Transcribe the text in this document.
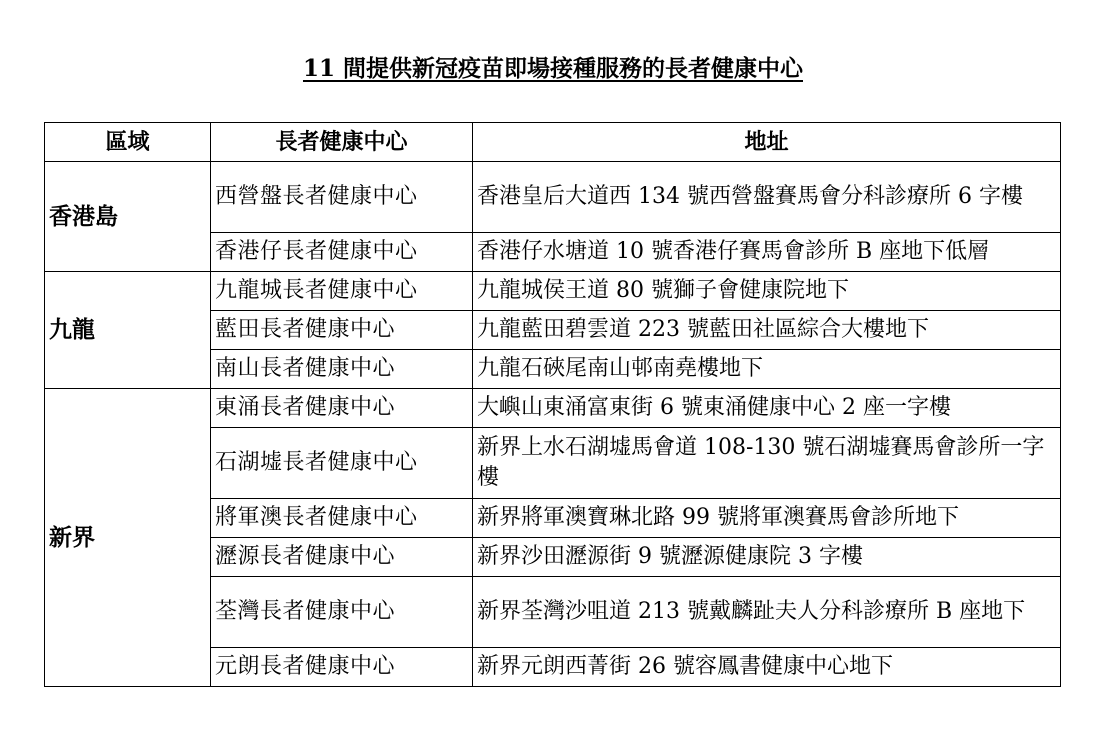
11 間提供新冠疫苗即場接種服務的長者健康中心
區域	長者健康中心	地址
香港島	西營盤長者健康中心	香港皇后大道西 134 號西營盤賽馬會分科診療所 6 字樓
	香港仔長者健康中心	香港仔水塘道 10 號香港仔賽馬會診所 B 座地下低層
九龍	九龍城長者健康中心	九龍城侯王道 80 號獅子會健康院地下
	藍田長者健康中心	九龍藍田碧雲道 223 號藍田社區綜合大樓地下
	南山長者健康中心	九龍石硤尾南山邨南堯樓地下
新界	東涌長者健康中心	大嶼山東涌富東街 6 號東涌健康中心 2 座一字樓
	石湖墟長者健康中心	新界上水石湖墟馬會道 108-130 號石湖墟賽馬會診所一字樓
	將軍澳長者健康中心	新界將軍澳寶琳北路 99 號將軍澳賽馬會診所地下
	瀝源長者健康中心	新界沙田瀝源街 9 號瀝源健康院 3 字樓
	荃灣長者健康中心	新界荃灣沙咀道 213 號戴麟趾夫人分科診療所 B 座地下
	元朗長者健康中心	新界元朗西菁街 26 號容鳳書健康中心地下
